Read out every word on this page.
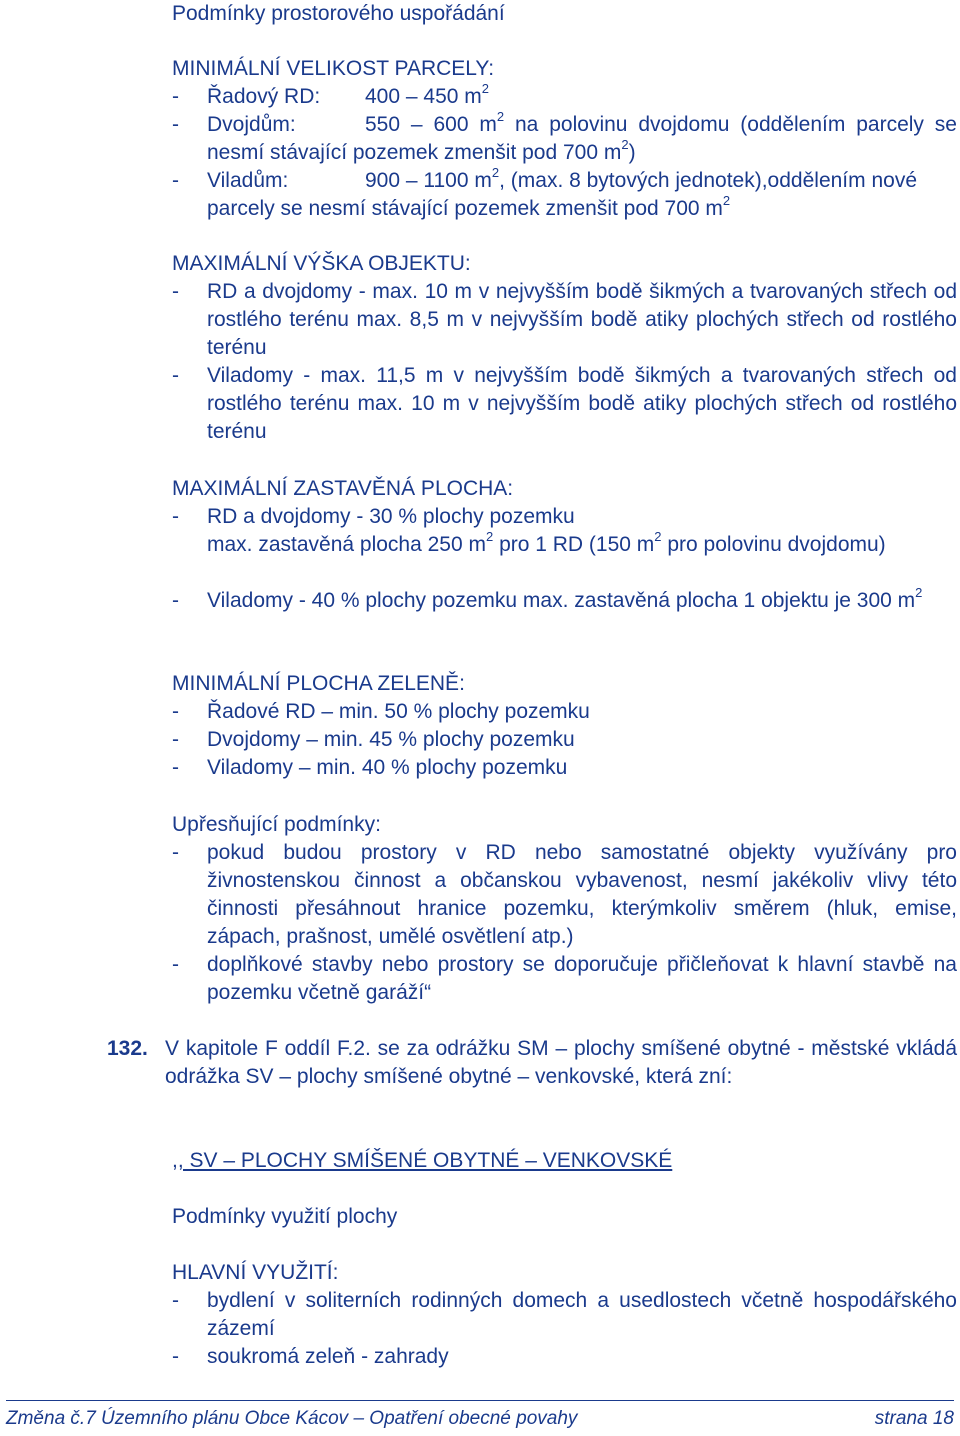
Podmínky prostorového uspořádání

MINIMÁLNÍ VELIKOST PARCELY:

- Řadový RD: 400 – 450 $m^2$
- Dvojdům:	550 – 600 $m^2$ na polovinu dvojdomu (oddělením parcely se nesmí stávající pozemek zmenšit pod 700 $m^2$)
- Viladům:	900 – 1100 $m^2$, (max. 8 bytových jednotek),oddělením nové parcely se nesmí stávající pozemek zmenšit pod 700 $m^2$

MAXIMÁLNÍ VÝŠKA OBJEKTU:

- RD a dvojdomy - max. 10 m v nejvyšším bodě šikmých a tvarovaných střech od rostlého terénu max. 8,5 m v nejvyšším bodě atiky plochých střech od rostlého terénu
- Viladomy - max. 11,5 m v nejvyšším bodě šikmých a tvarovaných střech od rostlého terénu max. 10 m v nejvyšším bodě atiky plochých střech od rostlého terénu

MAXIMÁLNÍ ZASTAVĚNÁ PLOCHA:

- RD a dvojdomy - 30 % plochy pozemku
max. zastavěná plocha 250 $m^2$ pro 1 RD (150 $m^2$ pro polovinu dvojdomu)
- Viladomy - 40 % plochy pozemku max. zastavěná plocha 1 objektu je 300 $m^2$

MINIMÁLNÍ PLOCHA ZELENĚ:

- Řadové RD – min. 50 % plochy pozemku
- Dvojdomy – min. 45 % plochy pozemku
- Viladomy – min. 40 % plochy pozemku

Upřesňující podmínky:

- pokud budou prostory v RD nebo samostatné objekty využívány pro živnostenskou činnost a občanskou vybavenost, nesmí jakékoliv vlivy této činnosti přesáhnout hranice pozemku, kterýmkoliv směrem (hluk, emise, zápach, prašnost, umělé osvětlení atp.)
- doplňkové stavby nebo prostory se doporučuje přičleňovat k hlavní stavbě na pozemku včetně garáží“
132. V kapitole F oddíl F.2. se za odrážku SM – plochy smíšené obytné - městské vkládá odrážka SV – plochy smíšené obytné – venkovské, která zní:

,, SV – PLOCHY SMÍŠENÉ OBYTNÉ – VENKOVSKÉ

Podmínky využití plochy

HLAVNÍ VYUŽITÍ:

- bydlení v soliterních rodinných domech a usedlostech včetně hospodářského zázemí
- soukromá zeleň - zahrady
Změna č.7 Územního plánu Obce Kácov – Opatření obecné povahy	strana 18
